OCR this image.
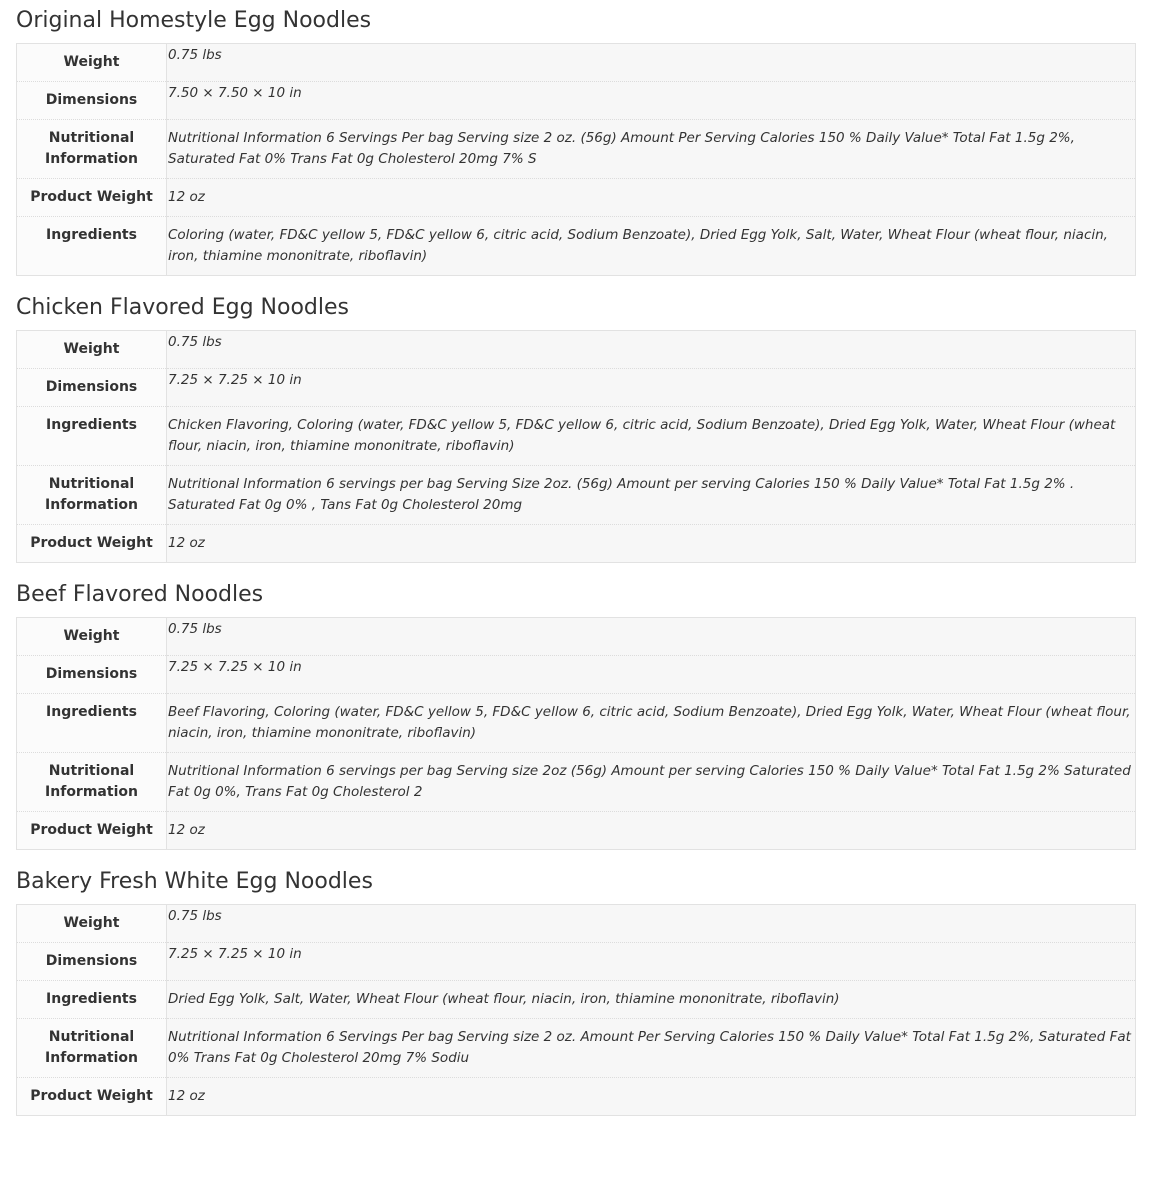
Original Homestyle Egg Noodles
Weight	0.75 lbs
Dimensions	7.50 × 7.50 × 10 in
Nutritional Information	Nutritional Information 6 Servings Per bag Serving size 2 oz. (56g) Amount Per Serving Calories 150 % Daily Value* Total Fat 1.5g 2%, Saturated Fat 0% Trans Fat 0g Cholesterol 20mg 7% S
Product Weight	12 oz
Ingredients	Coloring (water, FD&C yellow 5, FD&C yellow 6, citric acid, Sodium Benzoate), Dried Egg Yolk, Salt, Water, Wheat Flour (wheat flour, niacin, iron, thiamine mononitrate, riboflavin)
Chicken Flavored Egg Noodles
Weight	0.75 lbs
Dimensions	7.25 × 7.25 × 10 in
Ingredients	Chicken Flavoring, Coloring (water, FD&C yellow 5, FD&C yellow 6, citric acid, Sodium Benzoate), Dried Egg Yolk, Water, Wheat Flour (wheat flour, niacin, iron, thiamine mononitrate, riboflavin)
Nutritional Information	Nutritional Information 6 servings per bag Serving Size 2oz. (56g) Amount per serving Calories 150 % Daily Value* Total Fat 1.5g 2% . Saturated Fat 0g 0% , Tans Fat 0g Cholesterol 20mg
Product Weight	12 oz
Beef Flavored Noodles
Weight	0.75 lbs
Dimensions	7.25 × 7.25 × 10 in
Ingredients	Beef Flavoring, Coloring (water, FD&C yellow 5, FD&C yellow 6, citric acid, Sodium Benzoate), Dried Egg Yolk, Water, Wheat Flour (wheat flour, niacin, iron, thiamine mononitrate, riboflavin)
Nutritional Information	Nutritional Information 6 servings per bag Serving size 2oz (56g) Amount per serving Calories 150 % Daily Value* Total Fat 1.5g 2% Saturated Fat 0g 0%, Trans Fat 0g Cholesterol 2
Product Weight	12 oz
Bakery Fresh White Egg Noodles
Weight	0.75 lbs
Dimensions	7.25 × 7.25 × 10 in
Ingredients	Dried Egg Yolk, Salt, Water, Wheat Flour (wheat flour, niacin, iron, thiamine mononitrate, riboflavin)
Nutritional Information	Nutritional Information 6 Servings Per bag Serving size 2 oz. Amount Per Serving Calories 150 % Daily Value* Total Fat 1.5g 2%, Saturated Fat 0% Trans Fat 0g Cholesterol 20mg 7% Sodiu
Product Weight	12 oz
